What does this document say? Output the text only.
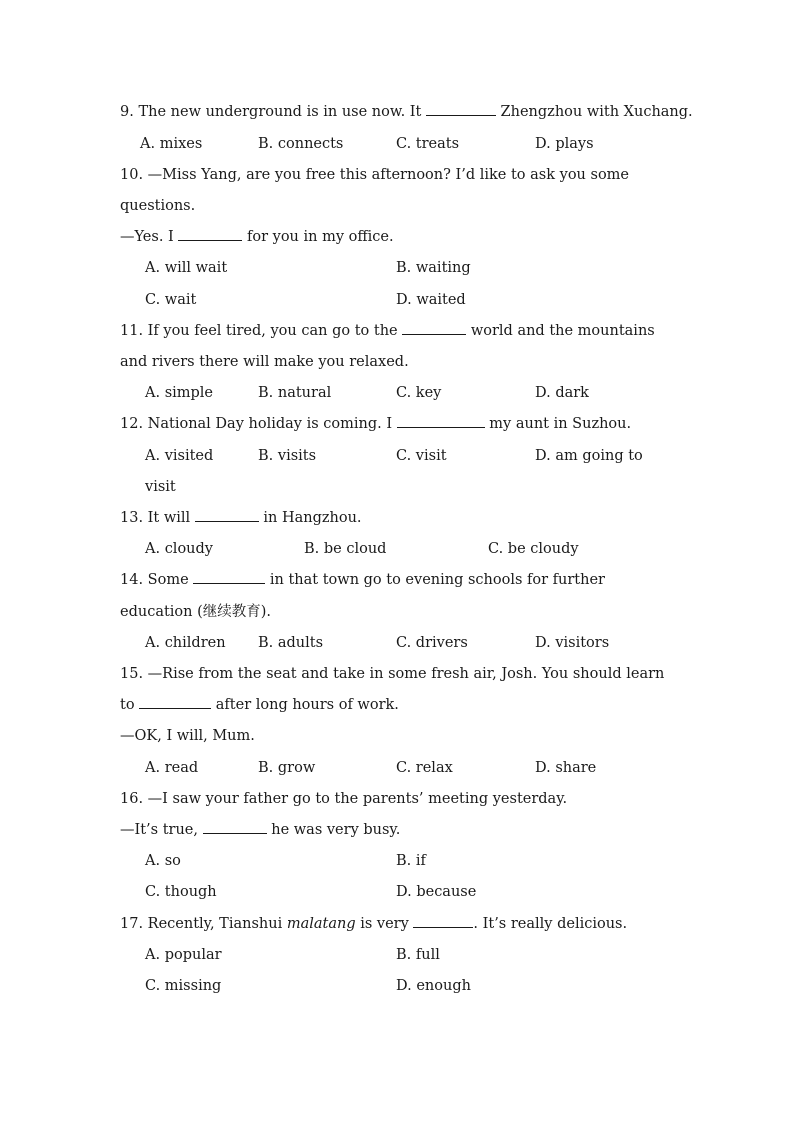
9. The new underground is in use now. It	Zhengzhou with Xuchang.
A. mixes	B. connects	C. treats	D. plays
10. —Miss Yang, are you free this afternoon? I’d like to ask you some
questions.
—Yes. I	for you in my office.
A. will wait	B. waiting
C. wait	D. waited
11. If you feel tired, you can go to the	world and the mountains
and rivers there will make you relaxed.
A. simple	B. natural	C. key	D. dark
12. National Day holiday is coming. I	my aunt in Suzhou.
A. visited	B. visits	C. visit	D. am going to
visit
13. It will	in Hangzhou.
A. cloudy	B. be cloud	C. be cloudy
14. Some	in that town go to evening schools for further
education (继续教育).
A. children B. adults	C. drivers	D. visitors
15. —Rise from the seat and take in some fresh air, Josh. You should learn
to	after long hours of work.
—OK, I will, Mum.
A. read	B. grow	C. relax	D. share
16. —I saw your father go to the parents’ meeting yesterday.
—It’s true,	he was very busy.
A. so	B. if
C. though	D. because
17. Recently, Tianshui malatang is very	. It’s really delicious.
A. popular	B. full
C. missing	D. enough
